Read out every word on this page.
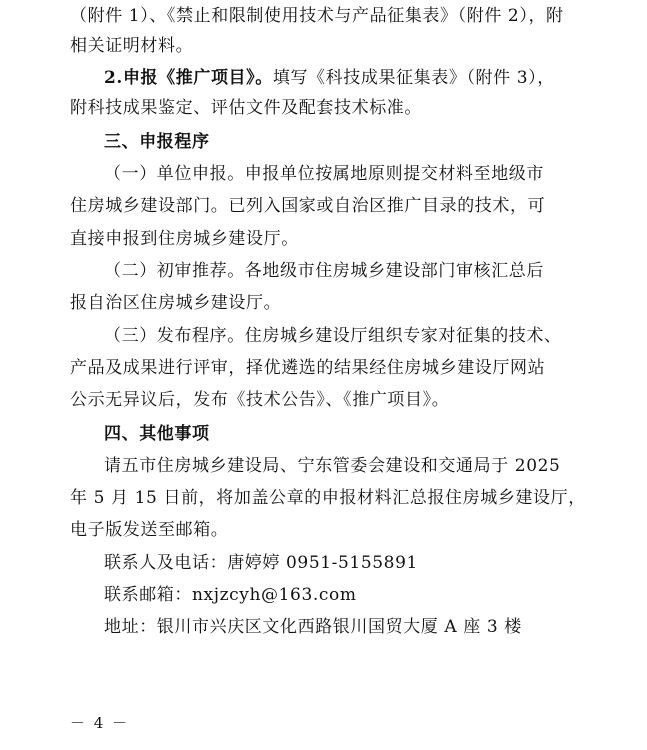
（附件 1）、《禁止和限制使用技术与产品征集表》（附件 2），附
相关证明材料。
2.申报《推广项目》。填写《科技成果征集表》（附件 3），
附科技成果鉴定、评估文件及配套技术标准。
三、申报程序
（一）单位申报。申报单位按属地原则提交材料至地级市
住房城乡建设部门。已列入国家或自治区推广目录的技术，可
直接申报到住房城乡建设厅。
（二）初审推荐。各地级市住房城乡建设部门审核汇总后
报自治区住房城乡建设厅。
（三）发布程序。住房城乡建设厅组织专家对征集的技术、
产品及成果进行评审，择优遴选的结果经住房城乡建设厅网站
公示无异议后，发布《技术公告》、《推广项目》。
四、其他事项
请五市住房城乡建设局、宁东管委会建设和交通局于 2025
年 5 月 15 日前，将加盖公章的申报材料汇总报住房城乡建设厅，
电子版发送至邮箱。
联系人及电话：唐婷婷 0951-5155891
联系邮箱：nxjzcyh@163.com
地址：银川市兴庆区文化西路银川国贸大厦 A 座 3 楼
－ 4 －
